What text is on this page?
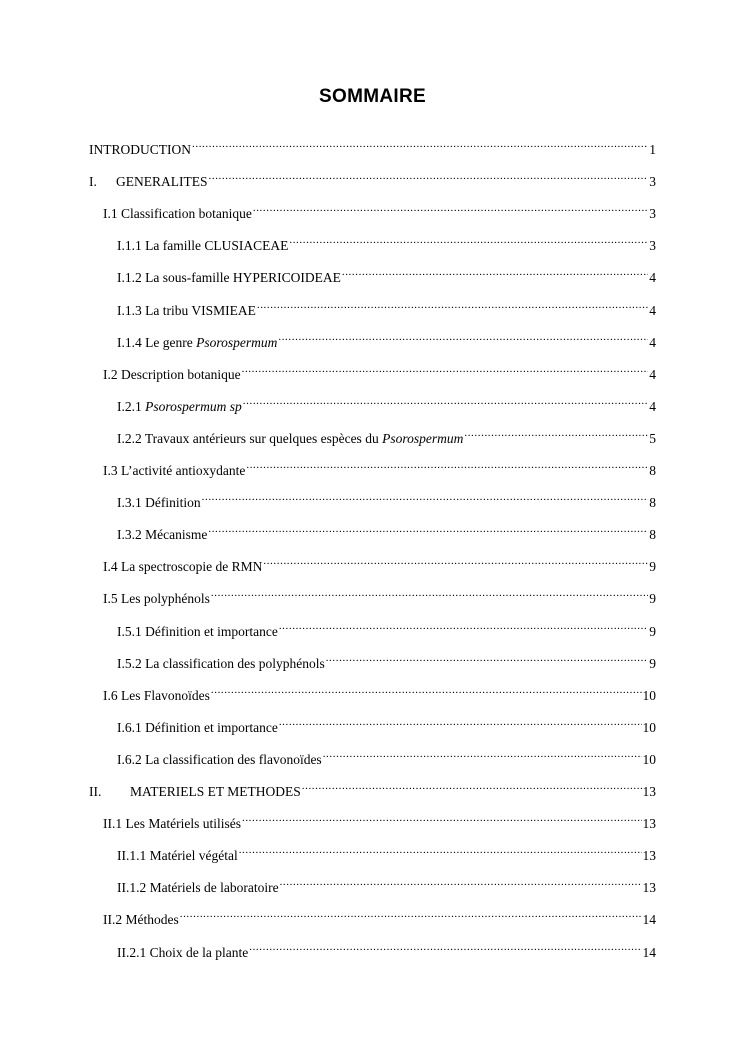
SOMMAIRE
INTRODUCTION .....	1
I.	GENERALITES .....	3
I.1 Classification botanique .....	3
I.1.1 La famille CLUSIACEAE .....	3
I.1.2 La sous-famille HYPERICOIDEAE .....	4
I.1.3 La tribu VISMIEAE .....	4
I.1.4 Le genre Psorospermum .....	4
I.2 Description botanique .....	4
I.2.1 Psorospermum sp .....	4
I.2.2 Travaux antérieurs sur quelques espèces du Psorospermum .....	5
I.3 L’activité antioxydante .....	8
I.3.1 Définition .....	8
I.3.2 Mécanisme .....	8
I.4 La spectroscopie de RMN .....	9
I.5 Les polyphénols .....	9
I.5.1 Définition et importance .....	9
I.5.2 La classification des polyphénols .....	9
I.6 Les Flavonoïdes .....	10
I.6.1 Définition et importance .....	10
I.6.2 La classification des flavonoïdes .....	10
II.	MATERIELS ET METHODES .....	13
II.1 Les Matériels utilisés .....	13
II.1.1 Matériel végétal .....	13
II.1.2 Matériels de laboratoire .....	13
II.2 Méthodes .....	14
II.2.1 Choix de la plante .....	14
